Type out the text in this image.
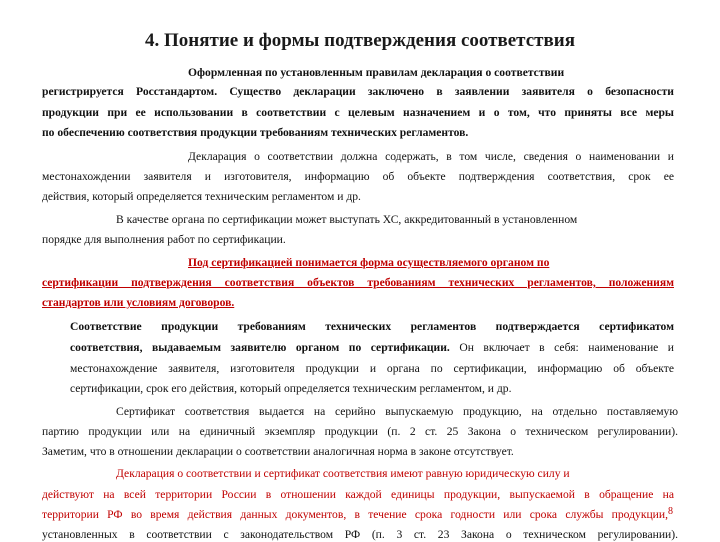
4. Понятие и формы подтверждения соответствия
Оформленная по установленным правилам декларация о соответствии
регистрируется Росстандартом. Существо декларации заключено в заявлении заявителя о безопасности
продукции при ее использовании в соответствии с целевым назначением и о том, что приняты все меры
по обеспечению соответствия продукции требованиям технических регламентов.
Декларация о соответствии должна содержать, в том числе, сведения о наименовании и
местонахождении заявителя и изготовителя, информацию об объекте подтверждения соответствия, срок ее
действия, который определяется техническим регламентом и др.
В качестве органа по сертификации может выступать ХС, аккредитованный в установленном
порядке для выполнения работ по сертификации.
Под сертификацией понимается форма осуществляемого органом по
сертификации подтверждения соответствия объектов требованиям технических регламентов, положениям
стандартов или условиям договоров.
Соответствие продукции требованиям технических регламентов подтверждается сертификатом
соответствия, выдаваемым заявителю органом по сертификации. Он включает в себя: наименование и
местонахождение заявителя, изготовителя продукции и органа по сертификации, информацию об объекте
сертификации, срок его действия, который определяется техническим регламентом, и др.
Сертификат соответствия выдается на серийно выпускаемую продукцию, на отдельно поставляемую
партию продукции или на единичный экземпляр продукции (п. 2 ст. 25 Закона о техническом регулировании).
Заметим, что в отношении декларации о соответствии аналогичная норма в законе отсутствует.
Декларация о соответствии и сертификат соответствия имеют равную юридическую силу и
действуют на всей территории России в отношении каждой единицы продукции, выпускаемой в обращение на
территории РФ во время действия данных документов, в течение срока годности или срока службы продукции,
установленных в соответствии с законодательством РФ (п. 3 ст. 23 Закона о техническом регулировании).
8
